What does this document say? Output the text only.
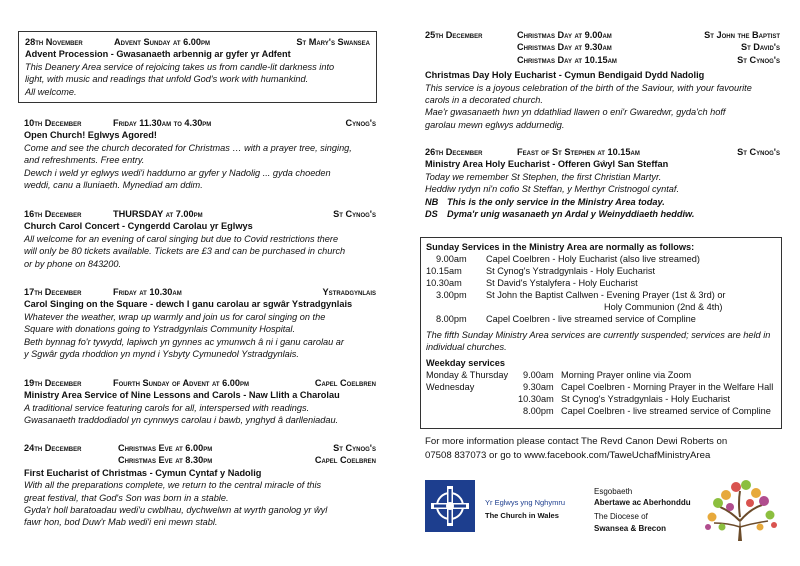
28th November	Advent Sunday at 6.00pm	St Mary's Swansea
Advent Procession - Gwasanaeth arbennig ar gyfer yr Adfent
This Deanery Area service of rejoicing takes us from candle-lit darkness into
light, with music and readings that unfold God's work with humankind.
All welcome.
10th December	Friday 11.30am to 4.30pm	Cynog's
Open Church! Eglwys Agored!
Come and see the church decorated for Christmas … with a prayer tree, singing,
and refreshments. Free entry.
Dewch i weld yr eglwys wedi'i haddurno ar gyfer y Nadolig ... gyda choeden
weddi, canu a lluniaeth. Mynediad am ddim.
16th December	THURSDAY at 7.00pm	St Cynog's
Church Carol Concert - Cyngerdd Carolau yr Eglwys
All welcome for an evening of carol singing but due to Covid restrictions there
will only be 80 tickets available. Tickets are £3 and can be purchased in church
or by phone on 843200.
17th December	Friday at 10.30am	Ystradgynlais
Carol Singing on the Square - dewch I ganu carolau ar sgwâr Ystradgynlais
Whatever the weather, wrap up warmly and join us for carol singing on the
Square with donations going to Ystradgynlais Community Hospital.
Beth bynnag fo'r tywydd, lapiwch yn gynnes ac ymunwch â ni i ganu carolau ar
y Sgwâr gyda rhoddion yn mynd i Ysbyty Cymunedol Ystradgynlais.
19th December	Fourth Sunday of Advent at 6.00pm	Capel Coelbren
Ministry Area Service of Nine Lessons and Carols - Naw Llith a Charolau
A traditional service featuring carols for all, interspersed with readings.
Gwasanaeth traddodiadol yn cynnwys carolau i bawb, ynghyd â darlleniadau.
24th December	Christmas Eve at 6.00pm	St Cynog's
Christmas Eve at 8.30pm	Capel Coelbren
First Eucharist of Christmas - Cymun Cyntaf y Nadolig
With all the preparations complete, we return to the central miracle of this
great festival, that God's Son was born in a stable.
Gyda'r holl baratoadau wedi'u cwblhau, dychwelwn at wyrth ganolog yr ŵyl
fawr hon, bod Duw'r Mab wedi'i eni mewn stabl.
25th December	Christmas Day at 9.00am	St John the Baptist
Christmas Day at 9.30am	St David's
Christmas Day at 10.15am	St Cynog's
Christmas Day Holy Eucharist - Cymun Bendigaid Dydd Nadolig
This service is a joyous celebration of the birth of the Saviour, with your favourite
carols in a decorated church.
Mae'r gwasanaeth hwn yn ddathliad llawen o eni'r Gwaredwr, gyda'ch hoff
garolau mewn eglwys addurnedig.
26th December	Feast of St Stephen at 10.15am	St Cynog's
Ministry Area Holy Eucharist - Offeren Gŵyl San Steffan
Today we remember St Stephen, the first Christian Martyr.
Heddiw rydyn ni'n cofio St Steffan, y Merthyr Cristnogol cyntaf.
NB This is the only service in the Ministry Area today.
DS Dyma'r unig wasanaeth yn Ardal y Weinyddiaeth heddiw.
Sunday Services in the Ministry Area are normally as follows:
9.00am Capel Coelbren - Holy Eucharist (also live streamed)
10.15am	St Cynog's Ystradgynlais - Holy Eucharist
10.30am	St David's Ystalyfera - Holy Eucharist
3.00pm St John the Baptist Callwen - Evening Prayer (1st & 3rd) or
Holy Communion (2nd & 4th)
8.00pm Capel Coelbren - live streamed service of Compline
The fifth Sunday Ministry Area services are currently suspended; services are held in
individual churches.
Weekday services
Monday & Thursday 9.00am Morning Prayer online via Zoom
Wednesday	9.30am Capel Coelbren - Morning Prayer in the Welfare Hall
10.30am St Cynog's Ystradgynlais - Holy Eucharist
8.00pm Capel Coelbren - live streamed service of Compline
For more information please contact The Revd Canon Dewi Roberts on
07508 837073 or go to www.facebook.com/TaweUchafMinistryArea
Yr Eglwys yng Nghymru
The Church in Wales
Esgobaeth
Abertawe ac Aberhonddu
The Diocese of
Swansea & Brecon
